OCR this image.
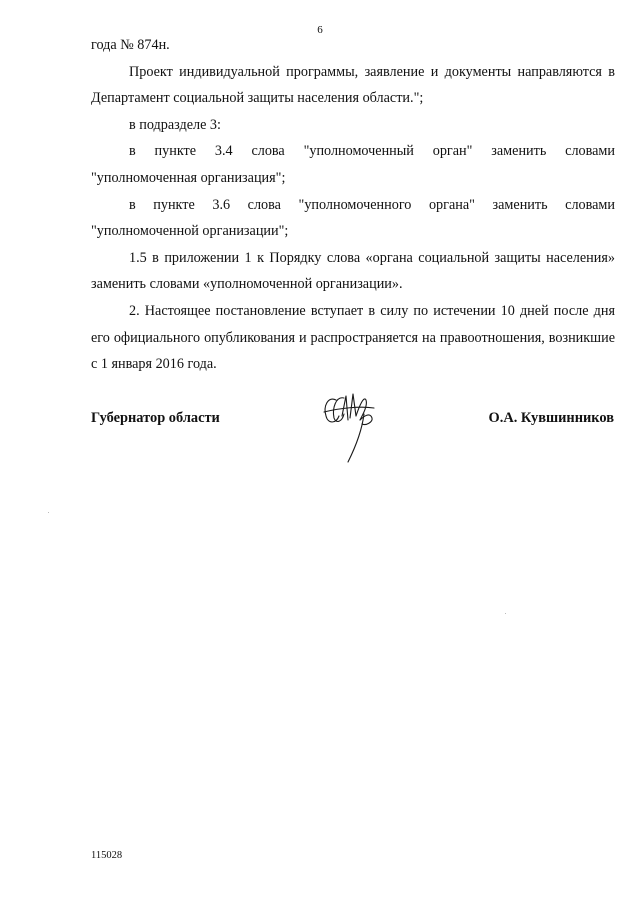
6

года № 874н.

Проект индивидуальной программы, заявление и документы направляются в Департамент социальной защиты населения области.";

в подразделе 3:

в пункте 3.4 слова "уполномоченный орган" заменить словами "уполномоченная организация";

в пункте 3.6 слова "уполномоченного органа" заменить словами "уполномоченной организации";

1.5 в приложении 1 к Порядку слова «органа социальной защиты населения» заменить словами «уполномоченной организации».

2. Настоящее постановление вступает в силу по истечении 10 дней после дня его официального опубликования и распространяется на правоотношения, возникшие с 1 января 2016 года.

Губернатор области	О.А. Кувшинников
115028
